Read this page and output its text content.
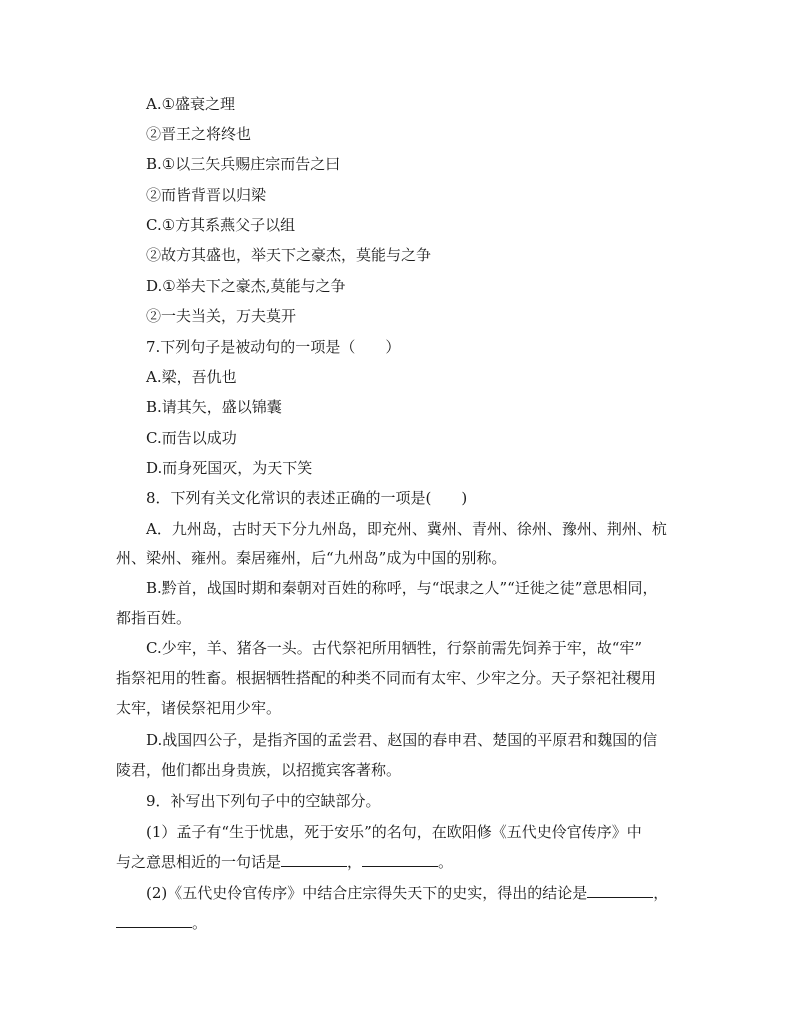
A.①盛衰之理
②晋王之将终也
B.①以三矢兵赐庄宗而告之曰
②而皆背晋以归梁
C.①方其系燕父子以组
②故方其盛也，举天下之豪杰，莫能与之争
D.①举夫下之豪杰,莫能与之争
②一夫当关，万夫莫开
7.下列句子是被动句的一项是（　　）
A.梁，吾仇也
B.请其矢，盛以锦囊
C.而告以成功
D.而身死国灭，为天下笑
8．下列有关文化常识的表述正确的一项是(　　)
A．九州岛，古时天下分九州岛，即充州、冀州、青州、徐州、豫州、荆州、杭
州、梁州、雍州。秦居雍州，后“九州岛”成为中国的别称。
B.黔首，战国时期和秦朝对百姓的称呼，与“氓隶之人”“迁徙之徒”意思相同，
都指百姓。
C.少牢，羊、猪各一头。古代祭祀所用牺牲，行祭前需先饲养于牢，故“牢”
指祭祀用的牲畜。根据牺牲搭配的种类不同而有太牢、少牢之分。天子祭祀社稷用
太牢，诸侯祭祀用少牢。
D.战国四公子，是指齐国的孟尝君、赵国的春申君、楚国的平原君和魏国的信
陵君，他们都出身贵族，以招揽宾客著称。
9．补写出下列句子中的空缺部分。
(1）孟子有“生于忧患，死于安乐”的名句，在欧阳修《五代史伶官传序》中
与之意思相近的一句话是	，	。
(2)《五代史伶官传序》中结合庄宗得失天下的史实，得出的结论是	，
。
